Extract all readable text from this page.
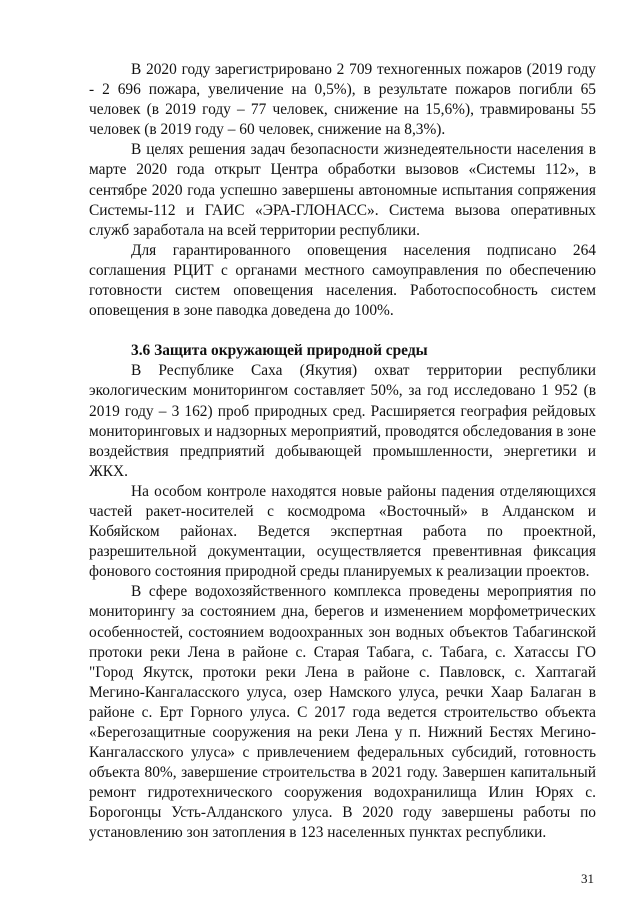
В 2020 году зарегистрировано 2 709 техногенных пожаров (2019 году - 2 696 пожара, увеличение на 0,5%), в результате пожаров погибли 65 человек (в 2019 году – 77 человек, снижение на 15,6%), травмированы 55 человек (в 2019 году – 60 человек, снижение на 8,3%).

В целях решения задач безопасности жизнедеятельности населения в марте 2020 года открыт Центра обработки вызовов «Системы 112», в сентябре 2020 года успешно завершены автономные испытания сопряжения Системы-112 и ГАИС «ЭРА-ГЛОНАСС». Система вызова оперативных служб заработала на всей территории республики.

Для гарантированного оповещения населения подписано 264 соглашения РЦИТ с органами местного самоуправления по обеспечению готовности систем оповещения населения. Работоспособность систем оповещения в зоне паводка доведена до 100%.

3.6 Защита окружающей природной среды

В Республике Саха (Якутия) охват территории республики экологическим мониторингом составляет 50%, за год исследовано 1 952 (в 2019 году – 3 162) проб природных сред. Расширяется география рейдовых мониторинговых и надзорных мероприятий, проводятся обследования в зоне воздействия предприятий добывающей промышленности, энергетики и ЖКХ.

На особом контроле находятся новые районы падения отделяющихся частей ракет-носителей с космодрома «Восточный» в Алданском и Кобяйском районах. Ведется экспертная работа по проектной, разрешительной документации, осуществляется превентивная фиксация фонового состояния природной среды планируемых к реализации проектов.

В сфере водохозяйственного комплекса проведены мероприятия по мониторингу за состоянием дна, берегов и изменением морфометрических особенностей, состоянием водоохранных зон водных объектов Табагинской протоки реки Лена в районе с. Старая Табага, с. Табага, с. Хатассы ГО "Город Якутск, протоки реки Лена в районе с. Павловск, с. Хаптагай Мегино-Кангаласского улуса, озер Намского улуса, речки Хаар Балаган в районе с. Ерт Горного улуса. С 2017 года ведется строительство объекта «Берегозащитные сооружения на реки Лена у п. Нижний Бестях Мегино-Кангаласского улуса» с привлечением федеральных субсидий, готовность объекта 80%, завершение строительства в 2021 году. Завершен капитальный ремонт гидротехнического сооружения водохранилища Илин Юрях с. Борогонцы Усть-Алданского улуса. В 2020 году завершены работы по установлению зон затопления в 123 населенных пунктах республики.

31
